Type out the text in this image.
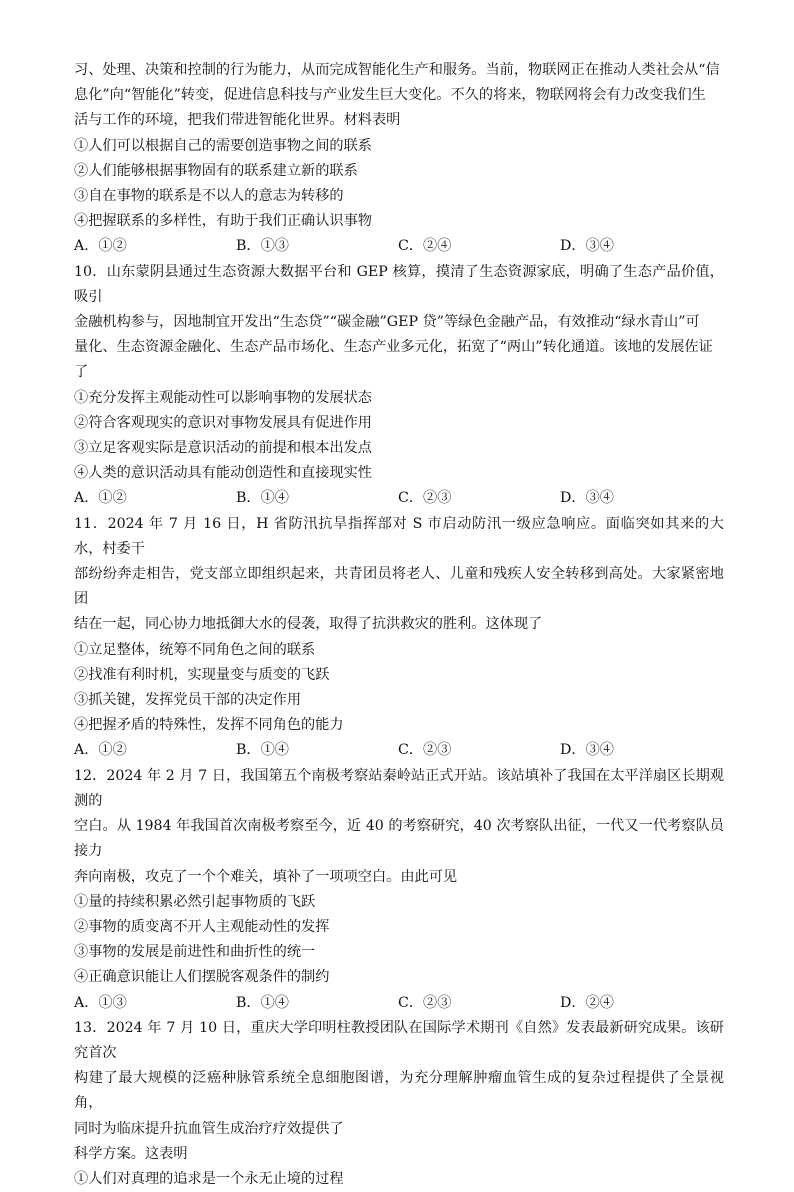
习、处理、决策和控制的行为能力，从而完成智能化生产和服务。当前，物联网正在推动人类社会从“信

息化”向“智能化”转变，促进信息科技与产业发生巨大变化。不久的将来，物联网将会有力改变我们生

活与工作的环境，把我们带进智能化世界。材料表明

①人们可以根据自己的需要创造事物之间的联系

②人们能够根据事物固有的联系建立新的联系

③自在事物的联系是不以人的意志为转移的

④把握联系的多样性，有助于我们正确认识事物

A．①②	B．①③	C．②④	D．③④

10．山东蒙阴县通过生态资源大数据平台和 GEP 核算，摸清了生态资源家底，明确了生态产品价值，吸引

金融机构参与，因地制宜开发出“生态贷”“碳金融”GEP 贷”等绿色金融产品，有效推动“绿水青山”可

量化、生态资源金融化、生态产品市场化、生态产业多元化，拓宽了“两山”转化通道。该地的发展佐证

了

①充分发挥主观能动性可以影响事物的发展状态

②符合客观现实的意识对事物发展具有促进作用

③立足客观实际是意识活动的前提和根本出发点

④人类的意识活动具有能动创造性和直接现实性

A．①②	B．①④	C．②③	D．③④

11．2024 年 7 月 16 日，H 省防汛抗旱指挥部对 S 市启动防汛一级应急响应。面临突如其来的大水，村委干

部纷纷奔走相告，党支部立即组织起来，共青团员将老人、儿童和残疾人安全转移到高处。大家紧密地团

结在一起，同心协力地抵御大水的侵袭，取得了抗洪救灾的胜利。这体现了

①立足整体，统筹不同角色之间的联系

②找准有利时机，实现量变与质变的飞跃

③抓关键，发挥党员干部的决定作用

④把握矛盾的特殊性，发挥不同角色的能力

A．①②	B．①④	C．②③	D．③④

12．2024 年 2 月 7 日，我国第五个南极考察站秦岭站正式开站。该站填补了我国在太平洋扇区长期观测的

空白。从 1984 年我国首次南极考察至今，近 40 的考察研究，40 次考察队出征，一代又一代考察队员接力

奔向南极，攻克了一个个难关，填补了一项项空白。由此可见

①量的持续积累必然引起事物质的飞跃

②事物的质变离不开人主观能动性的发挥

③事物的发展是前进性和曲折性的统一

④正确意识能让人们摆脱客观条件的制约

A．①③	B．①④	C．②③	D．②④

13．2024 年 7 月 10 日，重庆大学印明柱教授团队在国际学术期刊《自然》发表最新研究成果。该研究首次

构建了最大规模的泛癌种脉管系统全息细胞图谱，为充分理解肿瘤血管生成的复杂过程提供了全景视角，

同时为临床提升抗血管生成治疗疗效提供了

科学方案。这表明

①人们对真理的追求是一个永无止境的过程
